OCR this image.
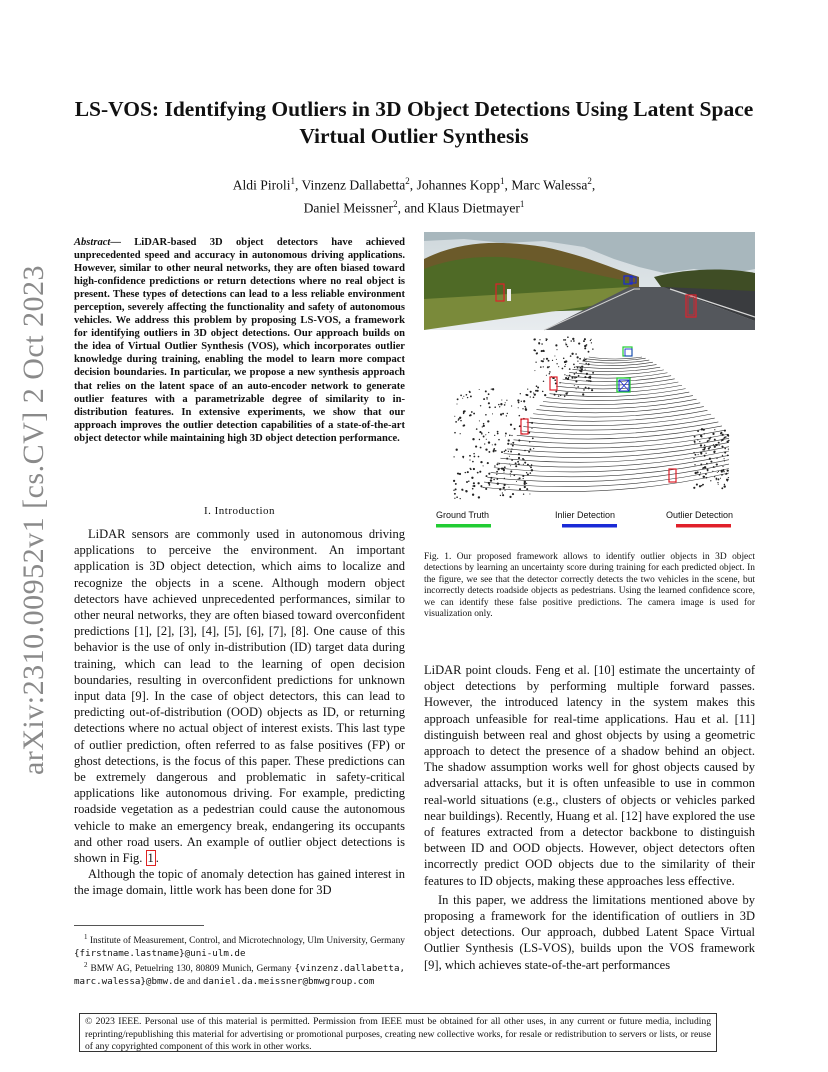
arXiv:2310.00952v1 [cs.CV] 2 Oct 2023
LS-VOS: Identifying Outliers in 3D Object Detections Using Latent Space Virtual Outlier Synthesis
Aldi Piroli$^1$, Vinzenz Dallabetta$^2$, Johannes Kopp$^1$, Marc Walessa$^2$,
Daniel Meissner$^2$, and Klaus Dietmayer$^1$
Abstract— LiDAR-based 3D object detectors have achieved unprecedented speed and accuracy in autonomous driving applications. However, similar to other neural networks, they are often biased toward high-confidence predictions or return detections where no real object is present. These types of detections can lead to a less reliable environment perception, severely affecting the functionality and safety of autonomous vehicles. We address this problem by proposing LS-VOS, a framework for identifying outliers in 3D object detections. Our approach builds on the idea of Virtual Outlier Synthesis (VOS), which incorporates outlier knowledge during training, enabling the model to learn more compact decision boundaries. In particular, we propose a new synthesis approach that relies on the latent space of an auto-encoder network to generate outlier features with a parametrizable degree of similarity to in-distribution features. In extensive experiments, we show that our approach improves the outlier detection capabilities of a state-of-the-art object detector while maintaining high 3D object detection performance.
I. Introduction

LiDAR sensors are commonly used in autonomous driving applications to perceive the environment. An important application is 3D object detection, which aims to localize and recognize the objects in a scene. Although modern object detectors have achieved unprecedented performances, similar to other neural networks, they are often biased toward overconfident predictions [1], [2], [3], [4], [5], [6], [7], [8]. One cause of this behavior is the use of only in-distribution (ID) target data during training, which can lead to the learning of open decision boundaries, resulting in overconfident predictions for unknown input data [9]. In the case of object detectors, this can lead to predicting out-of-distribution (OOD) objects as ID, or returning detections where no actual object of interest exists. This last type of outlier prediction, often referred to as false positives (FP) or ghost detections, is the focus of this paper. These predictions can be extremely dangerous and problematic in safety-critical applications like autonomous driving. For example, predicting roadside vegetation as a pedestrian could cause the autonomous vehicle to make an emergency break, endangering its occupants and other road users. An example of outlier object detections is shown in Fig. 1 .

Although the topic of anomaly detection has gained interest in the image domain, little work has been done for 3D

$^1$ Institute of Measurement, Control, and Microtechnology, Ulm University, Germany {firstname.lastname}@uni-ulm.de
$^2$ BMW AG, Petuelring 130, 80809 Munich, Germany {vinzenz.dallabetta, marc.walessa}@bmw.de and daniel.da.meissner@bmwgroup.com
Ground Truth	Inlier Detection	Outlier Detection
Fig. 1. Our proposed framework allows to identify outlier objects in 3D object detections by learning an uncertainty score during training for each predicted object. In the figure, we see that the detector correctly detects the two vehicles in the scene, but incorrectly detects roadside objects as pedestrians. Using the learned confidence score, we can identify these false positive predictions. The camera image is used for visualization only.

LiDAR point clouds. Feng et al. [10] estimate the uncertainty of object detections by performing multiple forward passes. However, the introduced latency in the system makes this approach unfeasible for real-time applications. Hau et al. [11] distinguish between real and ghost objects by using a geometric approach to detect the presence of a shadow behind an object. The shadow assumption works well for ghost objects caused by adversarial attacks, but it is often unfeasible to use in common real-world situations (e.g., clusters of objects or vehicles parked near buildings). Recently, Huang et al. [12] have explored the use of features extracted from a detector backbone to distinguish between ID and OOD objects. However, object detectors often incorrectly predict OOD objects due to the similarity of their features to ID objects, making these approaches less effective.

In this paper, we address the limitations mentioned above by proposing a framework for the identification of outliers in 3D object detections. Our approach, dubbed Latent Space Virtual Outlier Synthesis (LS-VOS), builds upon the VOS framework [9], which achieves state-of-the-art performances

© 2023 IEEE. Personal use of this material is permitted. Permission from IEEE must be obtained for all other uses, in any current or future media, including reprinting/republishing this material for advertising or promotional purposes, creating new collective works, for resale or redistribution to servers or lists, or reuse of any copyrighted component of this work in other works.
